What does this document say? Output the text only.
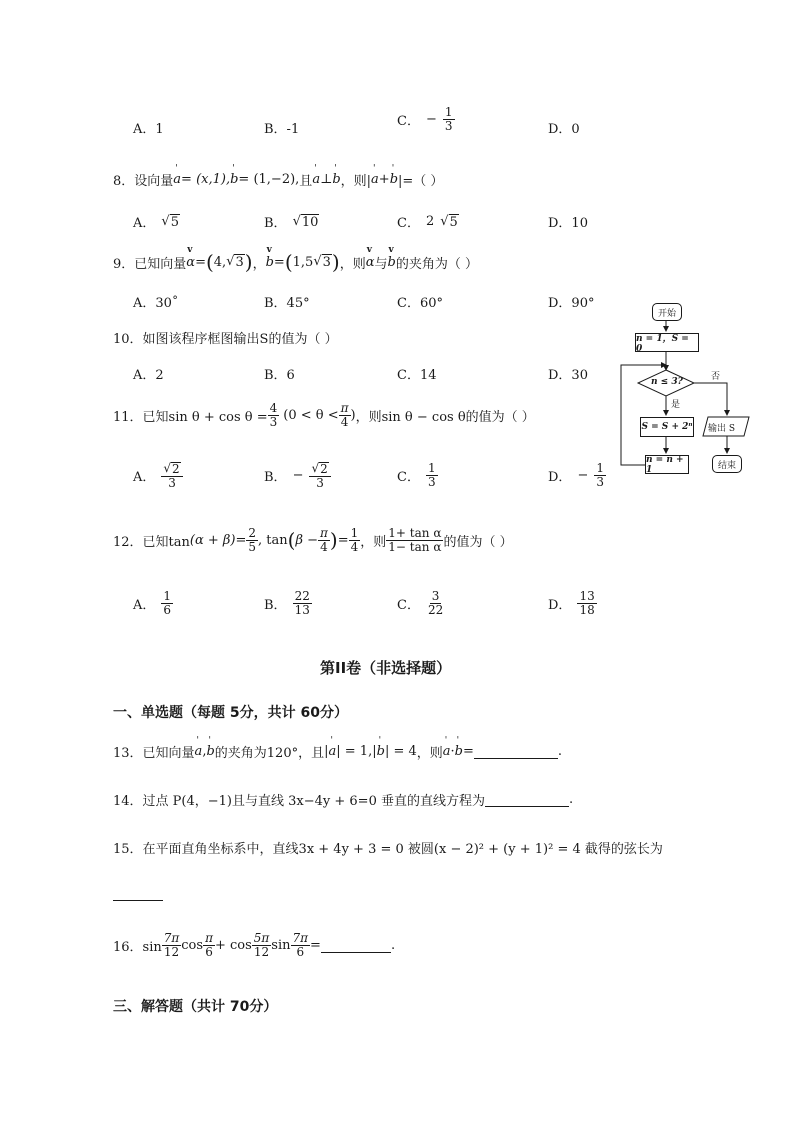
A．1	B．-1
C． − $\frac{1}{3}$	D．0
8．设向量 ' a = (x,1), ' b = (1,−2), 且 ' a ⊥ ' b ，则| ' a + ' b |=（ ）
A． √ 5	B． √ 10	C． 2 √ 5	D．10
9．已知向量 v α = ( 4, √ 3 ) ， v b = ( 1,5 √ 3 ) ，则 v α 与 v b 的夹角为（ ）
A．30˚	B．45°	C．60°	D．90°
10．如图该程序框图输出S的值为（ ）
A．2	B．6	C．14	D．30
开始
n = 1，S = 0
n ≤ 3?	否
是
S = S + 2ⁿ 输出 S
n = n + 1	结束
11．已知$\sin \theta + \cos \theta = \frac{4}{3} (0 < \theta < \frac{\pi}{4}$ ) ，则sin θ − cos θ的值为（ ）
A． $\frac{√ 2}{3}$	B． − $\frac{√ 2}{3}$	C． $\frac{1}{3}$	D． − $\frac{1}{3}$
12．已知$\tan (\alpha + \beta) = \frac{2}{5}$ , tan ( $\beta - \frac{\pi}{4}$ ) = $\frac{1}{4}$ ，则 $\frac{\text{1+ tan α}}{\text{1− tan α}}$ 的值为（ ）
A． $\frac{1}{6}$	B． $\frac{22}{13}$	C． $\frac{3}{22}$	D． $\frac{13}{18}$
第II卷（非选择题）
一、单选题（每题 5分，共计 60分）
13．已知向量 ' a , ' b 的夹角为120°，且 | ' a | = 1, | ' b | = 4 ，则 ' a · ' b =	.
14．过点 P(4，−1)且与直线 3x−4y + 6=0 垂直的直线方程为	.
15．在平面直角坐标系中，直线3x + 4y + 3 = 0 被圆(x − 2)² + (y + 1)² = 4 截得的弦长为
16．$\sin \frac{7\pi}{12}$ $\cos \frac{\pi}{6} + \cos \frac{5\pi}{12}$ $\sin \frac{7\pi}{6}$ =	.
三、解答题（共计 70分）
